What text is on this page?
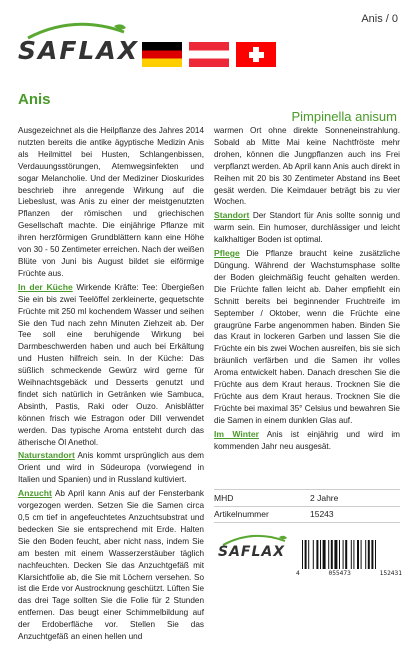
SAFLAX
Anis / 0
Anis
Pimpinella anisum

Ausgezeichnet als die Heilpflanze des Jahres 2014 nutzten bereits die antike ägyptische Medizin Anis als Heilmittel bei Husten, Schlangenbissen, Verdauungsstörungen, Atemwegsinfekten und sogar Melancholie. Und der Mediziner Dioskurides beschrieb ihre anregende Wirkung auf die Liebeslust, was Anis zu einer der meistgenutzten Pflanzen der römischen und griechischen Gesellschaft machte. Die einjährige Pflanze mit ihren herzförmigen Grundblättern kann eine Höhe von 30 - 50 Zentimeter erreichen. Nach der weißen Blüte von Juni bis August bildet sie eiförmige Früchte aus.

In der Küche Wirkende Kräfte: Tee: Übergießen Sie ein bis zwei Teelöffel zerkleinerte, gequetschte Früchte mit 250 ml kochendem Wasser und seihen Sie den Tud nach zehn Minuten Ziehzeit ab. Der Tee soll eine beruhigende Wirkung bei Darmbeschwerden haben und auch bei Erkältung und Husten hilfreich sein. In der Küche: Das süßlich schmeckende Gewürz wird gerne für Weihnachtsgebäck und Desserts genutzt und findet sich natürlich in Getränken wie Sambuca, Absinth, Pastis, Raki oder Ouzo. Anisblätter können frisch wie Estragon oder Dill verwendet werden. Das typische Aroma entsteht durch das ätherische Öl Anethol.

Naturstandort Anis kommt ursprünglich aus dem Orient und wird in Südeuropa (vorwiegend in Italien und Spanien) und in Russland kultiviert.

Anzucht Ab April kann Anis auf der Fensterbank vorgezogen werden. Setzen Sie die Samen circa 0,5 cm tief in angefeuchtetes Anzuchtsubstrat und bedecken Sie sie entsprechend mit Erde. Halten Sie den Boden feucht, aber nicht nass, indem Sie am besten mit einem Wasserzerstäuber täglich nachfeuchten. Decken Sie das Anzuchtgefäß mit Klarsichtfolie ab, die Sie mit Löchern versehen. So ist die Erde vor Austrocknung geschützt. Lüften Sie das drei Tage sollten Sie die Folie für 2 Stunden entfernen. Das beugt einer Schimmelbildung auf der Erdoberfläche vor. Stellen Sie das Anzuchtgefäß an einen hellen und

warmen Ort ohne direkte Sonneneinstrahlung. Sobald ab Mitte Mai keine Nachtfröste mehr drohen, können die Jungpflanzen auch ins Frei verpflanzt werden. Ab April kann Anis auch direkt in Reihen mit 20 bis 30 Zentimeter Abstand ins Beet gesät werden. Die Keimdauer beträgt bis zu vier Wochen.

Standort Der Standort für Anis sollte sonnig und warm sein. Ein humoser, durchlässiger und leicht kalkhaltiger Boden ist optimal.

Pflege Die Pflanze braucht keine zusätzliche Düngung. Während der Wachstumsphase sollte der Boden gleichmäßig feucht gehalten werden. Die Früchte fallen leicht ab. Daher empfiehlt ein Schnitt bereits bei beginnender Fruchtreife im September / Oktober, wenn die Früchte eine graugrüne Farbe angenommen haben. Binden Sie das Kraut in lockeren Garben und lassen Sie die Früchte ein bis zwei Wochen ausreifen, bis sie sich bräunlich verfärben und die Samen ihr volles Aroma entwickelt haben. Danach dreschen Sie die Früchte aus dem Kraut heraus. Trocknen Sie die Früchte aus dem Kraut heraus. Trocknen Sie die Früchte bei maximal 35° Celsius und bewahren Sie die Samen in einem dunklen Glas auf.

Im Winter Anis ist einjährig und wird im kommenden Jahr neu ausgesät.

MHD	2 Jahre
Artikelnummer	15243
SAFLAX
4	055473	152431
